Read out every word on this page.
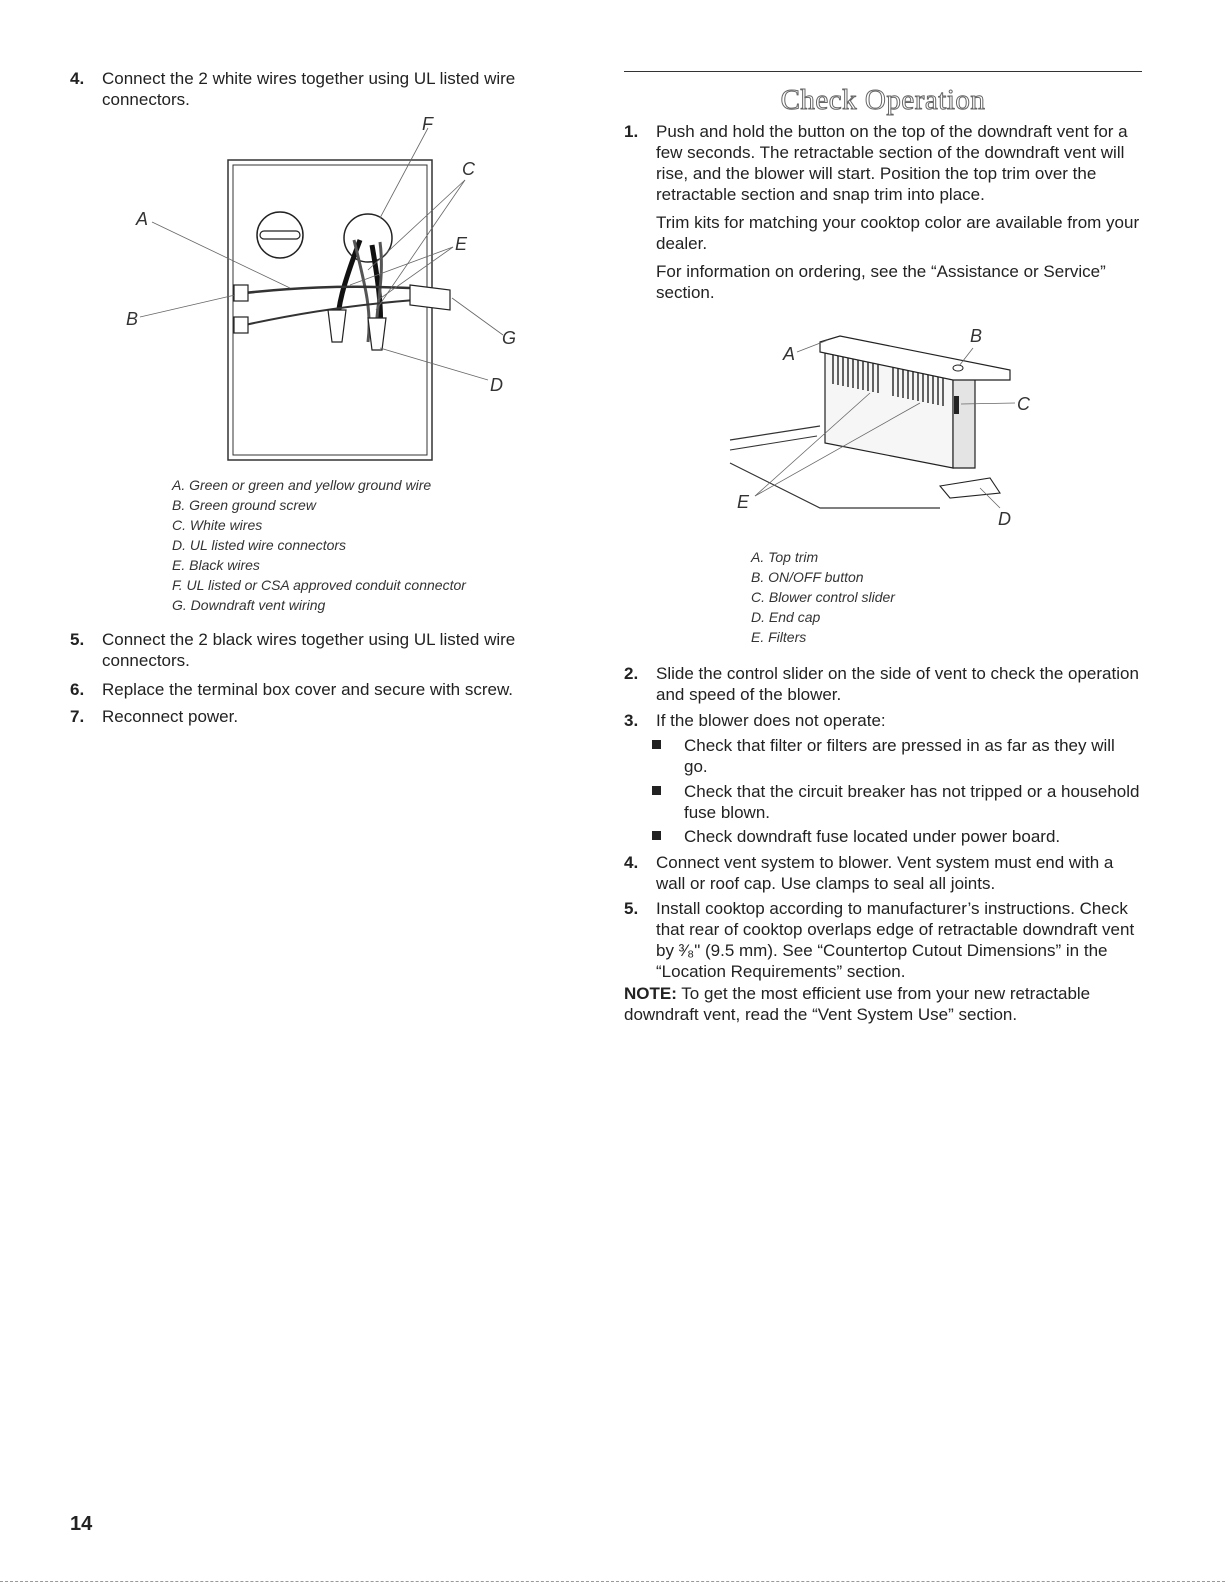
4. Connect the 2 white wires together using UL listed wire connectors.
A
B
F
C
E
G
D
A. Green or green and yellow ground wire
B. Green ground screw
C. White wires
D. UL listed wire connectors
E. Black wires
F. UL listed or CSA approved conduit connector
G. Downdraft vent wiring
5. Connect the 2 black wires together using UL listed wire connectors.
6. Replace the terminal box cover and secure with screw.
7. Reconnect power.
Check Operation
1. Push and hold the button on the top of the downdraft vent for a few seconds. The retractable section of the downdraft vent will rise, and the blower will start. Position the top trim over the retractable section and snap trim into place.

Trim kits for matching your cooktop color are available from your dealer.

For information on ordering, see the “Assistance or Service” section.

A
B
C
D
E
A. Top trim
B. ON/OFF button
C. Blower control slider
D. End cap
E. Filters
2. Slide the control slider on the side of vent to check the operation and speed of the blower.
3. If the blower does not operate:
Check that filter or filters are pressed in as far as they will go.
Check that the circuit breaker has not tripped or a household fuse blown.
Check downdraft fuse located under power board.
4. Connect vent system to blower. Vent system must end with a wall or roof cap. Use clamps to seal all joints.
5. Install cooktop according to manufacturer’s instructions. Check that rear of cooktop overlaps edge of retractable downdraft vent by ³⁄₈" (9.5 mm). See “Countertop Cutout Dimensions” in the “Location Requirements” section.
NOTE: To get the most efficient use from your new retractable downdraft vent, read the “Vent System Use” section.
14
